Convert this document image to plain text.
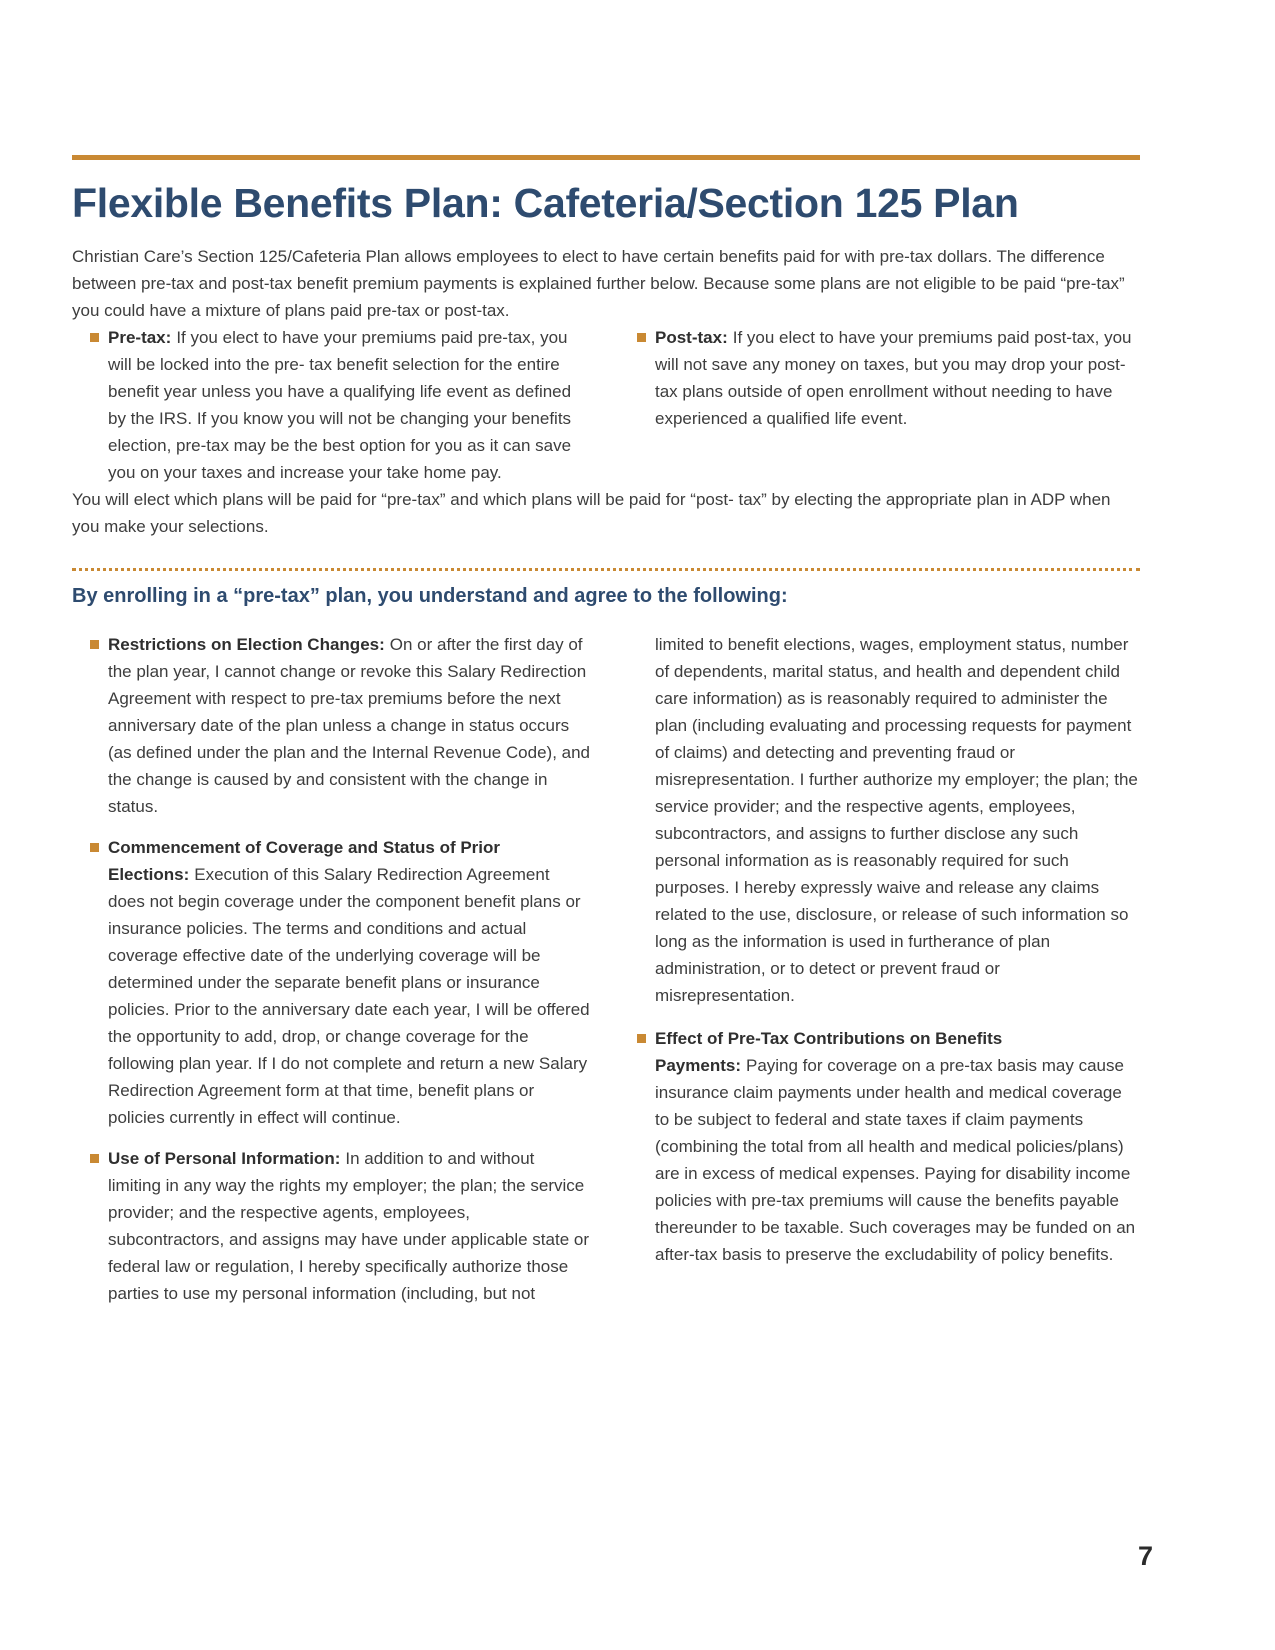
Flexible Benefits Plan: Cafeteria/Section 125 Plan

Christian Care’s Section 125/Cafeteria Plan allows employees to elect to have certain benefits paid for with pre-tax dollars. The difference between pre-tax and post-tax benefit premium payments is explained further below. Because some plans are not eligible to be paid “pre-tax” you could have a mixture of plans paid pre-tax or post-tax.

Pre-tax: If you elect to have your premiums paid pre-tax, you will be locked into the pre- tax benefit selection for the entire benefit year unless you have a qualifying life event as defined by the IRS. If you know you will not be changing your benefits election, pre-tax may be the best option for you as it can save you on your taxes and increase your take home pay.
Post-tax: If you elect to have your premiums paid post-tax, you will not save any money on taxes, but you may drop your post-tax plans outside of open enrollment without needing to have experienced a qualified life event.

You will elect which plans will be paid for “pre-tax” and which plans will be paid for “post- tax” by electing the appropriate plan in ADP when you make your selections.

By enrolling in a “pre-tax” plan, you understand and agree to the following:
Restrictions on Election Changes: On or after the first day of the plan year, I cannot change or revoke this Salary Redirection Agreement with respect to pre-tax premiums before the next anniversary date of the plan unless a change in status occurs (as defined under the plan and the Internal Revenue Code), and the change is caused by and consistent with the change in status.
Commencement of Coverage and Status of Prior Elections: Execution of this Salary Redirection Agreement does not begin coverage under the component benefit plans or insurance policies. The terms and conditions and actual coverage effective date of the underlying coverage will be determined under the separate benefit plans or insurance policies. Prior to the anniversary date each year, I will be offered the opportunity to add, drop, or change coverage for the following plan year. If I do not complete and return a new Salary Redirection Agreement form at that time, benefit plans or policies currently in effect will continue.
Use of Personal Information: In addition to and without limiting in any way the rights my employer; the plan; the service provider; and the respective agents, employees, subcontractors, and assigns may have under applicable state or federal law or regulation, I hereby specifically authorize those parties to use my personal information (including, but not

limited to benefit elections, wages, employment status, number of dependents, marital status, and health and dependent child care information) as is reasonably required to administer the plan (including evaluating and processing requests for payment of claims) and detecting and preventing fraud or misrepresentation. I further authorize my employer; the plan; the service provider; and the respective agents, employees, subcontractors, and assigns to further disclose any such personal information as is reasonably required for such purposes. I hereby expressly waive and release any claims related to the use, disclosure, or release of such information so long as the information is used in furtherance of plan administration, or to detect or prevent fraud or misrepresentation.

Effect of Pre-Tax Contributions on Benefits Payments: Paying for coverage on a pre-tax basis may cause insurance claim payments under health and medical coverage to be subject to federal and state taxes if claim payments (combining the total from all health and medical policies/plans) are in excess of medical expenses. Paying for disability income policies with pre-tax premiums will cause the benefits payable thereunder to be taxable. Such coverages may be funded on an after-tax basis to preserve the excludability of policy benefits.
7
